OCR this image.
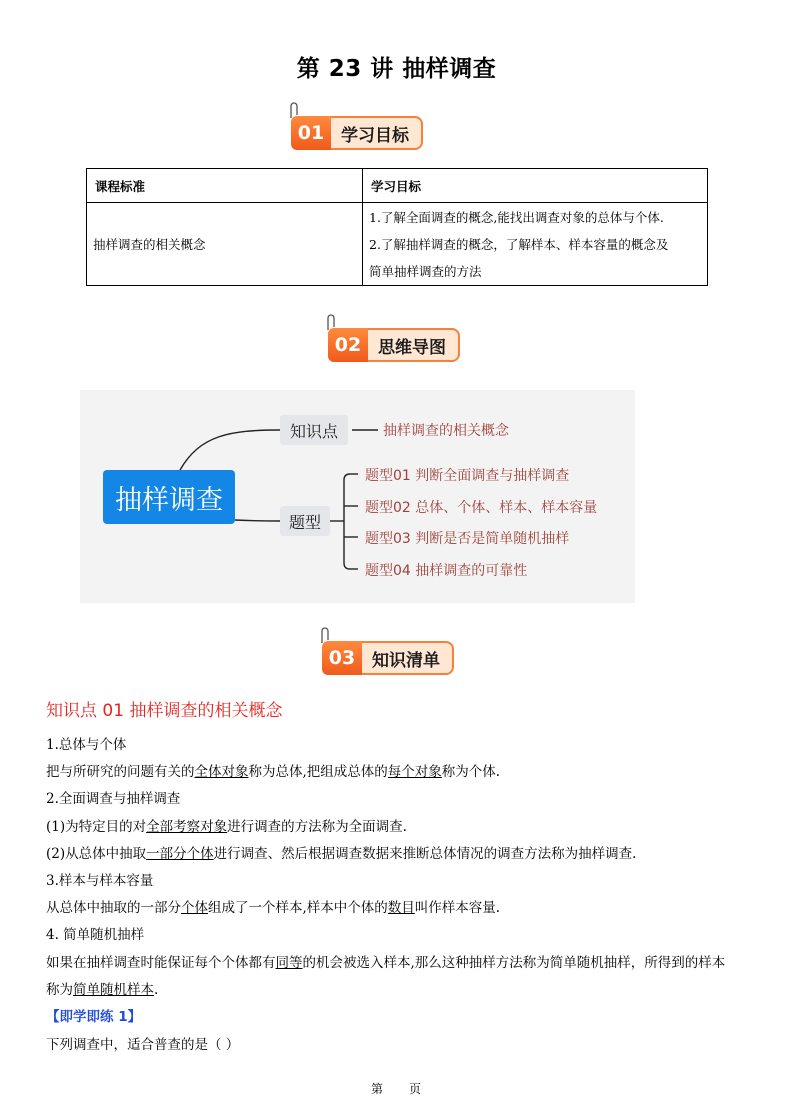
第 23 讲 抽样调查
01 学习目标
课程标准	学习目标
抽样调查的相关概念	1.了解全面调查的概念,能找出调查对象的总体与个体.
2.了解抽样调查的概念，了解样本、样本容量的概念及
简单抽样调查的方法
02 思维导图
抽样调查
知识点	抽样调查的相关概念
题型
题型01 判断全面调查与抽样调查
题型02 总体、个体、样本、样本容量
题型03 判断是否是简单随机抽样
题型04 抽样调查的可靠性
03 知识清单
知识点 01 抽样调查的相关概念
1.总体与个体
把与所研究的问题有关的全体对象称为总体,把组成总体的每个对象称为个体.
2.全面调查与抽样调查
(1)为特定目的对全部考察对象进行调查的方法称为全面调查.
(2)从总体中抽取一部分个体进行调查、然后根据调查数据来推断总体情况的调查方法称为抽样调查.
3.样本与样本容量
从总体中抽取的一部分个体组成了一个样本,样本中个体的数目叫作样本容量.
4. 简单随机抽样
如果在抽样调查时能保证每个个体都有同等的机会被选入样本,那么这种抽样方法称为简单随机抽样，所得到的样本
称为简单随机样本.
【即学即练 1】
下列调查中，适合普查的是（ ）
第 页
